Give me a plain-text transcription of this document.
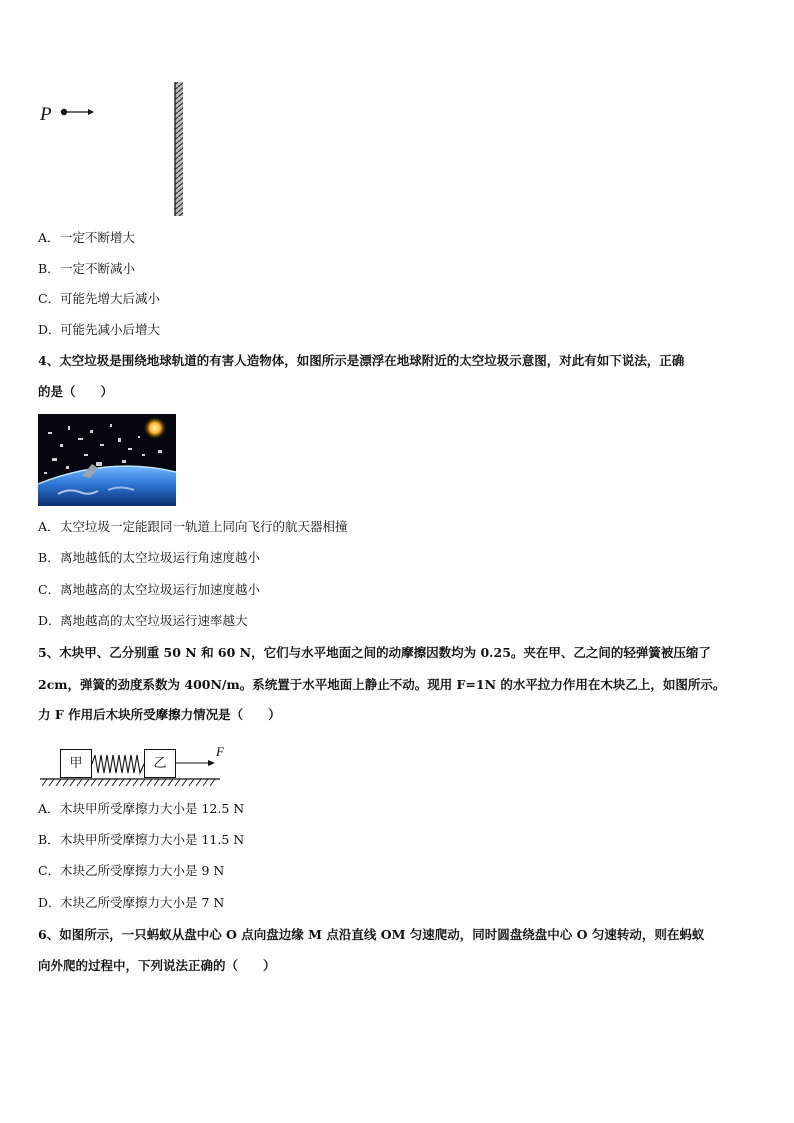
P
A．一定不断增大
B．一定不断减小
C．可能先增大后减小
D．可能先减小后增大
4、太空垃圾是围绕地球轨道的有害人造物体，如图所示是漂浮在地球附近的太空垃圾示意图，对此有如下说法，正确
的是（　　）
A．太空垃圾一定能跟同一轨道上同向飞行的航天器相撞
B．离地越低的太空垃圾运行角速度越小
C．离地越高的太空垃圾运行加速度越小
D．离地越高的太空垃圾运行速率越大
5、木块甲、乙分别重 50 N 和 60 N，它们与水平地面之间的动摩擦因数均为 0.25。夹在甲、乙之间的轻弹簧被压缩了
2cm，弹簧的劲度系数为 400N/m。系统置于水平地面上静止不动。现用 F=1N 的水平拉力作用在木块乙上，如图所示。
力 F 作用后木块所受摩擦力情况是（　　）
甲	乙
F
A．木块甲所受摩擦力大小是 12.5 N
B．木块甲所受摩擦力大小是 11.5 N
C．木块乙所受摩擦力大小是 9 N
D．木块乙所受摩擦力大小是 7 N
6、如图所示，一只蚂蚁从盘中心 O 点向盘边缘 M 点沿直线 OM 匀速爬动，同时圆盘绕盘中心 O 匀速转动，则在蚂蚁
向外爬的过程中，下列说法正确的（　　）
